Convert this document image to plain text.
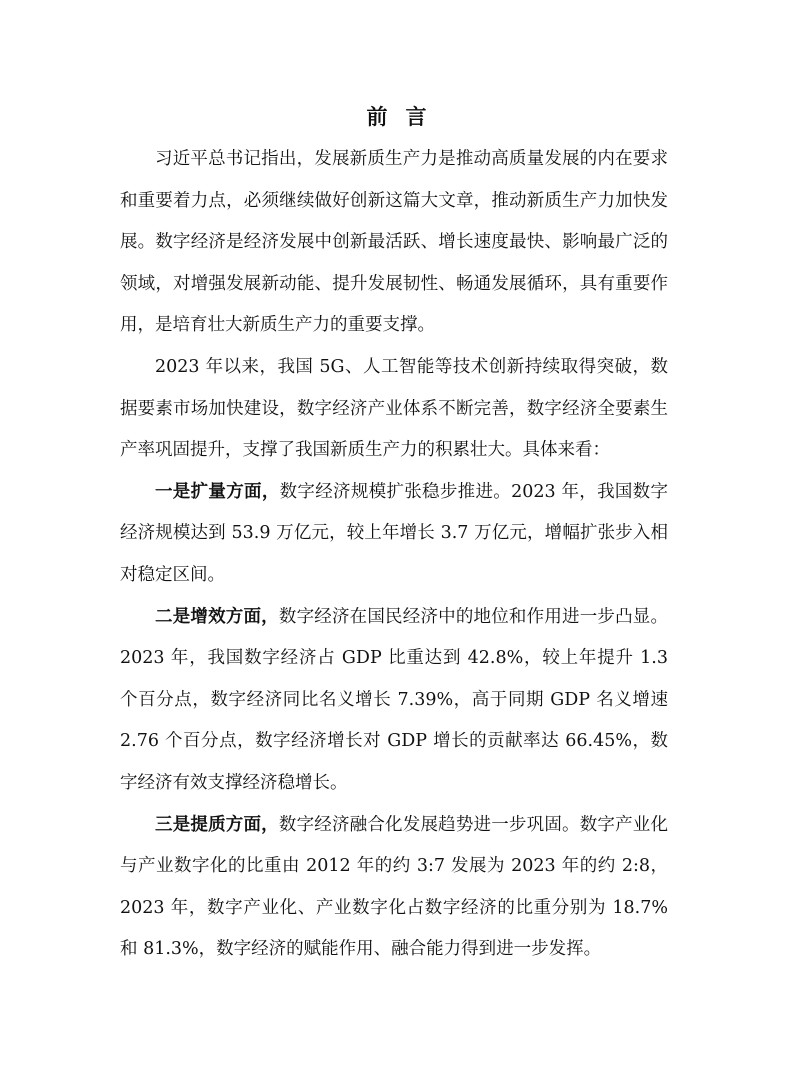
前言

习近平总书记指出，发展新质生产力是推动高质量发展的内在要求和重要着力点，必须继续做好创新这篇大文章，推动新质生产力加快发展。数字经济是经济发展中创新最活跃、增长速度最快、影响最广泛的领域，对增强发展新动能、提升发展韧性、畅通发展循环，具有重要作用，是培育壮大新质生产力的重要支撑。

2023 年以来，我国 5G、人工智能等技术创新持续取得突破，数据要素市场加快建设，数字经济产业体系不断完善，数字经济全要素生产率巩固提升，支撑了我国新质生产力的积累壮大。具体来看：

一是扩量方面，数字经济规模扩张稳步推进。2023 年，我国数字经济规模达到 53.9 万亿元，较上年增长 3.7 万亿元，增幅扩张步入相对稳定区间。

二是增效方面，数字经济在国民经济中的地位和作用进一步凸显。2023 年，我国数字经济占 GDP 比重达到 42.8%，较上年提升 1.3 个百分点，数字经济同比名义增长 7.39%，高于同期 GDP 名义增速 2.76 个百分点，数字经济增长对 GDP 增长的贡献率达 66.45%，数字经济有效支撑经济稳增长。

三是提质方面，数字经济融合化发展趋势进一步巩固。数字产业化与产业数字化的比重由 2012 年的约 3:7 发展为 2023 年的约 2:8，2023 年，数字产业化、产业数字化占数字经济的比重分别为 18.7% 和 81.3%，数字经济的赋能作用、融合能力得到进一步发挥。
